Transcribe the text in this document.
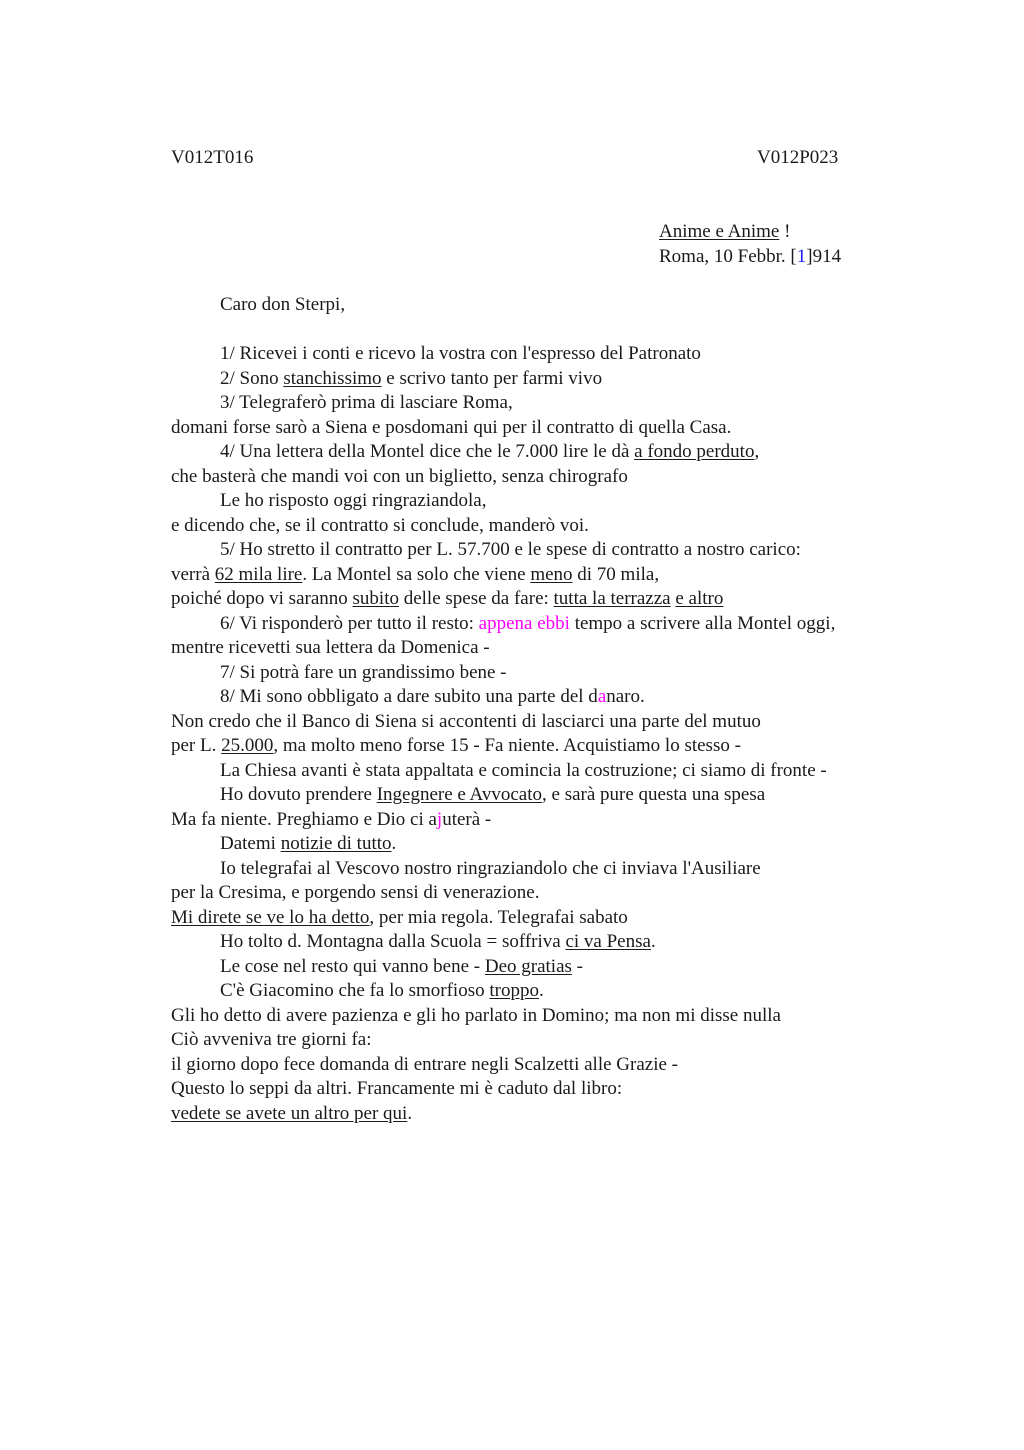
V012T016	V012P023
Anime e Anime !
Roma, 10 Febbr. [1]914
Caro don Sterpi,
1/ Ricevei i conti e ricevo la vostra con l'espresso del Patronato
2/ Sono stanchissimo e scrivo tanto per farmi vivo
3/ Telegraferò prima di lasciare Roma,
domani forse sarò a Siena e posdomani qui per il contratto di quella Casa.
4/ Una lettera della Montel dice che le 7.000 lire le dà a fondo perduto,
che basterà che mandi voi con un biglietto, senza chirografo
Le ho risposto oggi ringraziandola,
e dicendo che, se il contratto si conclude, manderò voi.
5/ Ho stretto il contratto per L. 57.700 e le spese di contratto a nostro carico:
verrà 62 mila lire. La Montel sa solo che viene meno di 70 mila,
poiché dopo vi saranno subito delle spese da fare: tutta la terrazza e altro
6/ Vi risponderò per tutto il resto: appena ebbi tempo a scrivere alla Montel oggi,
mentre ricevetti sua lettera da Domenica -
7/ Si potrà fare un grandissimo bene -
8/ Mi sono obbligato a dare subito una parte del danaro.
Non credo che il Banco di Siena si accontenti di lasciarci una parte del mutuo
per L. 25.000, ma molto meno forse 15 - Fa niente. Acquistiamo lo stesso -
La Chiesa avanti è stata appaltata e comincia la costruzione; ci siamo di fronte -
Ho dovuto prendere Ingegnere e Avvocato, e sarà pure questa una spesa
Ma fa niente. Preghiamo e Dio ci ajuterà -
Datemi notizie di tutto.
Io telegrafai al Vescovo nostro ringraziandolo che ci inviava l'Ausiliare
per la Cresima, e porgendo sensi di venerazione.
Mi direte se ve lo ha detto, per mia regola. Telegrafai sabato
Ho tolto d. Montagna dalla Scuola = soffriva ci va Pensa.
Le cose nel resto qui vanno bene - Deo gratias -
C'è Giacomino che fa lo smorfioso troppo.
Gli ho detto di avere pazienza e gli ho parlato in Domino; ma non mi disse nulla
Ciò avveniva tre giorni fa:
il giorno dopo fece domanda di entrare negli Scalzetti alle Grazie -
Questo lo seppi da altri. Francamente mi è caduto dal libro:
vedete se avete un altro per qui.
